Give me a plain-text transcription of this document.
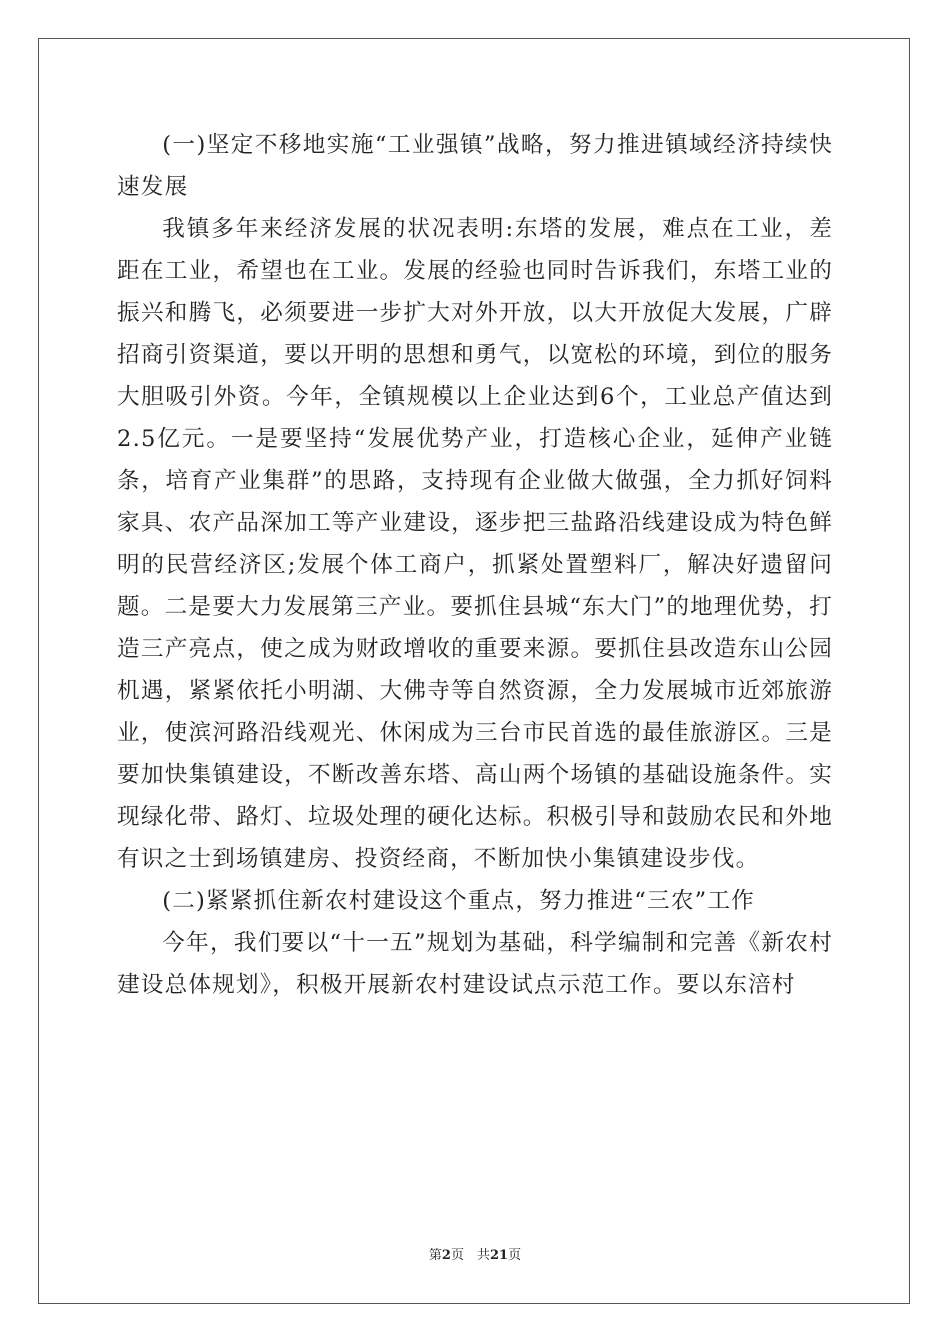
(一)坚定不移地实施“工业强镇”战略，努力推进镇域经济持续快速发展

我镇多年来经济发展的状况表明:东塔的发展，难点在工业，差距在工业，希望也在工业。发展的经验也同时告诉我们，东塔工业的振兴和腾飞，必须要进一步扩大对外开放，以大开放促大发展，广辟招商引资渠道，要以开明的思想和勇气，以宽松的环境，到位的服务大胆吸引外资。今年，全镇规模以上企业达到6个，工业总产值达到2.5亿元。一是要坚持“发展优势产业，打造核心企业，延伸产业链条，培育产业集群”的思路，支持现有企业做大做强，全力抓好饲料家具、农产品深加工等产业建设，逐步把三盐路沿线建设成为特色鲜明的民营经济区;发展个体工商户，抓紧处置塑料厂，解决好遗留问题。二是要大力发展第三产业。要抓住县城“东大门”的地理优势，打造三产亮点，使之成为财政增收的重要来源。要抓住县改造东山公园机遇，紧紧依托小明湖、大佛寺等自然资源，全力发展城市近郊旅游业，使滨河路沿线观光、休闲成为三台市民首选的最佳旅游区。三是要加快集镇建设，不断改善东塔、高山两个场镇的基础设施条件。实现绿化带、路灯、垃圾处理的硬化达标。积极引导和鼓励农民和外地有识之士到场镇建房、投资经商，不断加快小集镇建设步伐。

(二)紧紧抓住新农村建设这个重点，努力推进“三农”工作

今年，我们要以“十一五”规划为基础，科学编制和完善《新农村建设总体规划》，积极开展新农村建设试点示范工作。要以东涪村

第2页　共21页
